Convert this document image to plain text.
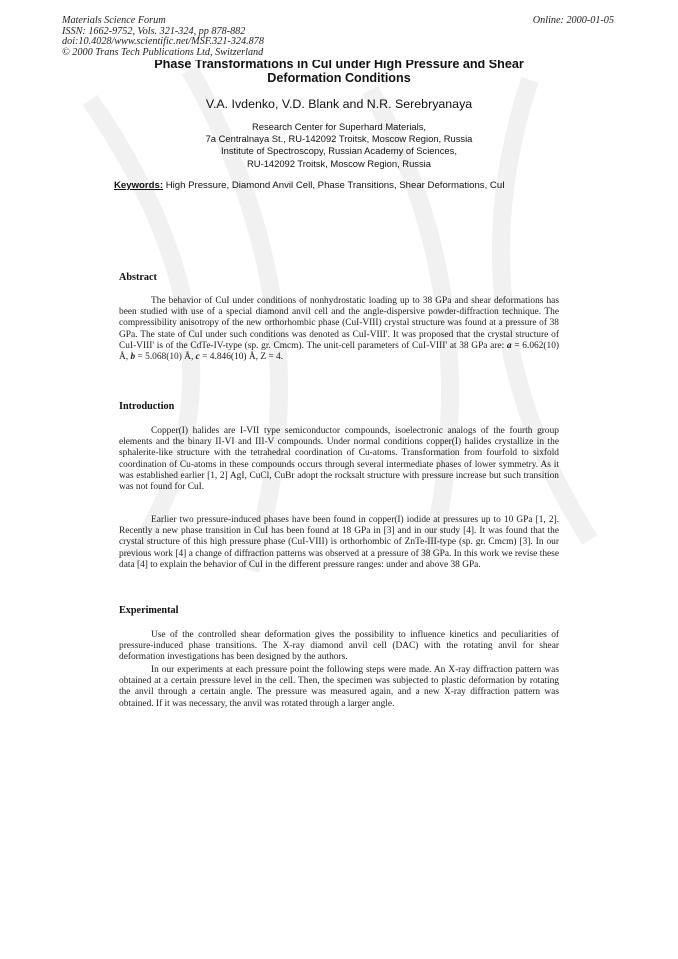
Materials Science Forum
ISSN: 1662-9752, Vols. 321-324, pp 878-882
doi:10.4028/www.scientific.net/MSF.321-324.878
© 2000 Trans Tech Publications Ltd, Switzerland
Online: 2000-01-05
Phase Transformations in CuI under High Pressure and Shear
Deformation Conditions
V.A. Ivdenko, V.D. Blank and N.R. Serebryanaya
Research Center for Superhard Materials,
7a Centralnaya St., RU-142092 Troitsk, Moscow Region, Russia
Institute of Spectroscopy, Russian Academy of Sciences,
RU-142092 Troitsk, Moscow Region, Russia
Keywords: High Pressure, Diamond Anvil Cell, Phase Transitions, Shear Deformations, CuI
Abstract

The behavior of CuI under conditions of nonhydrostatic loading up to 38 GPa and shear deformations has been studied with use of a special diamond anvil cell and the angle-dispersive powder-diffraction technique. The compressibility anisotropy of the new orthorhombic phase (CuI-VIII) crystal structure was found at a pressure of 38 GPa. The state of CuI under such conditions was denoted as CuI-VIII'. It was proposed that the crystal structure of CuI-VIII' is of the CdTe-IV-type (sp. gr. Cmcm). The unit-cell parameters of CuI-VIII' at 38 GPa are: a = 6.062(10) Å, b = 5.068(10) Å, c = 4.846(10) Å, Z = 4.

Introduction

Copper(I) halides are I-VII type semiconductor compounds, isoelectronic analogs of the fourth group elements and the binary II-VI and III-V compounds. Under normal conditions copper(I) halides crystallize in the sphalerite-like structure with the tetrahedral coordination of Cu-atoms. Transformation from fourfold to sixfold coordination of Cu-atoms in these compounds occurs through several intermediate phases of lower symmetry. As it was established earlier [1, 2] AgI, CuCl, CuBr adopt the rocksalt structure with pressure increase but such transition was not found for CuI.

Earlier two pressure-induced phases have been found in copper(I) iodide at pressures up to 10 GPa [1, 2]. Recently a new phase transition in CuI has been found at 18 GPa in [3] and in our study [4]. It was found that the crystal structure of this high pressure phase (CuI-VIII) is orthorhombic of ZnTe-III-type (sp. gr. Cmcm) [3]. In our previous work [4] a change of diffraction patterns was observed at a pressure of 38 GPa. In this work we revise these data [4] to explain the behavior of CuI in the different pressure ranges: under and above 38 GPa.

Experimental

Use of the controlled shear deformation gives the possibility to influence kinetics and peculiarities of pressure-induced phase transitions. The X-ray diamond anvil cell (DAC) with the rotating anvil for shear deformation investigations has been designed by the authors.

In our experiments at each pressure point the following steps were made. An X-ray diffraction pattern was obtained at a certain pressure level in the cell. Then, the specimen was subjected to plastic deformation by rotating the anvil through a certain angle. The pressure was measured again, and a new X-ray diffraction pattern was obtained. If it was necessary, the anvil was rotated through a larger angle.
